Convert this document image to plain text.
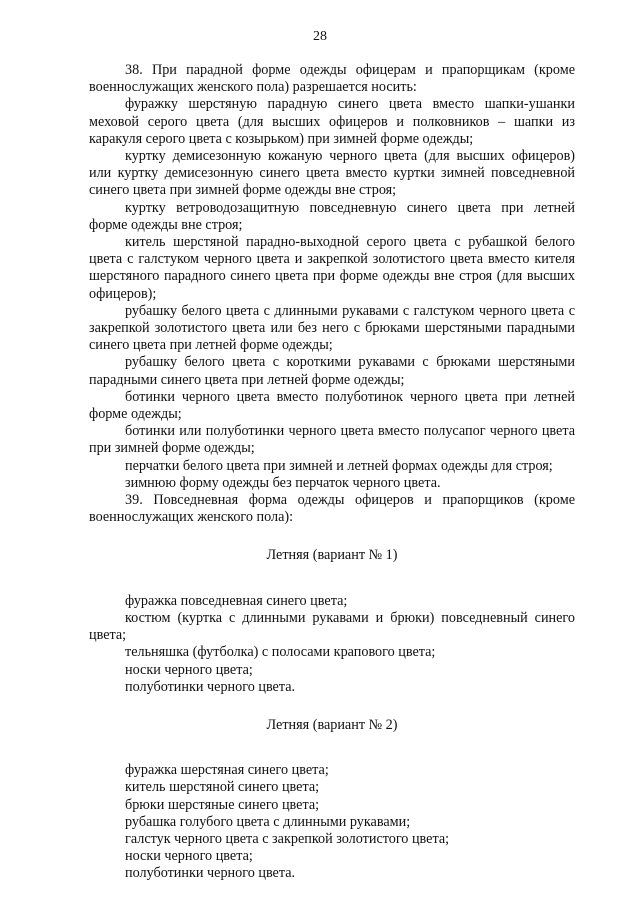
28

38. При парадной форме одежды офицерам и прапорщикам (кроме военнослужащих женского пола) разрешается носить:

фуражку шерстяную парадную синего цвета вместо шапки-ушанки меховой серого цвета (для высших офицеров и полковников – шапки из каракуля серого цвета с козырьком) при зимней форме одежды;

куртку демисезонную кожаную черного цвета (для высших офицеров) или куртку демисезонную синего цвета вместо куртки зимней повседневной синего цвета при зимней форме одежды вне строя;

куртку ветроводозащитную повседневную синего цвета при летней форме одежды вне строя;

китель шерстяной парадно-выходной серого цвета с рубашкой белого цвета с галстуком черного цвета и закрепкой золотистого цвета вместо кителя шерстяного парадного синего цвета при форме одежды вне строя (для высших офицеров);

рубашку белого цвета с длинными рукавами с галстуком черного цвета с закрепкой золотистого цвета или без него с брюками шерстяными парадными синего цвета при летней форме одежды;

рубашку белого цвета с короткими рукавами с брюками шерстяными парадными синего цвета при летней форме одежды;

ботинки черного цвета вместо полуботинок черного цвета при летней форме одежды;

ботинки или полуботинки черного цвета вместо полусапог черного цвета при зимней форме одежды;

перчатки белого цвета при зимней и летней формах одежды для строя;

зимнюю форму одежды без перчаток черного цвета.

39. Повседневная форма одежды офицеров и прапорщиков (кроме военнослужащих женского пола):

Летняя (вариант № 1)

фуражка повседневная синего цвета;

костюм (куртка с длинными рукавами и брюки) повседневный синего цвета;

тельняшка (футболка) с полосами крапового цвета;

носки черного цвета;

полуботинки черного цвета.

Летняя (вариант № 2)

фуражка шерстяная синего цвета;

китель шерстяной синего цвета;

брюки шерстяные синего цвета;

рубашка голубого цвета с длинными рукавами;

галстук черного цвета с закрепкой золотистого цвета;

носки черного цвета;

полуботинки черного цвета.
